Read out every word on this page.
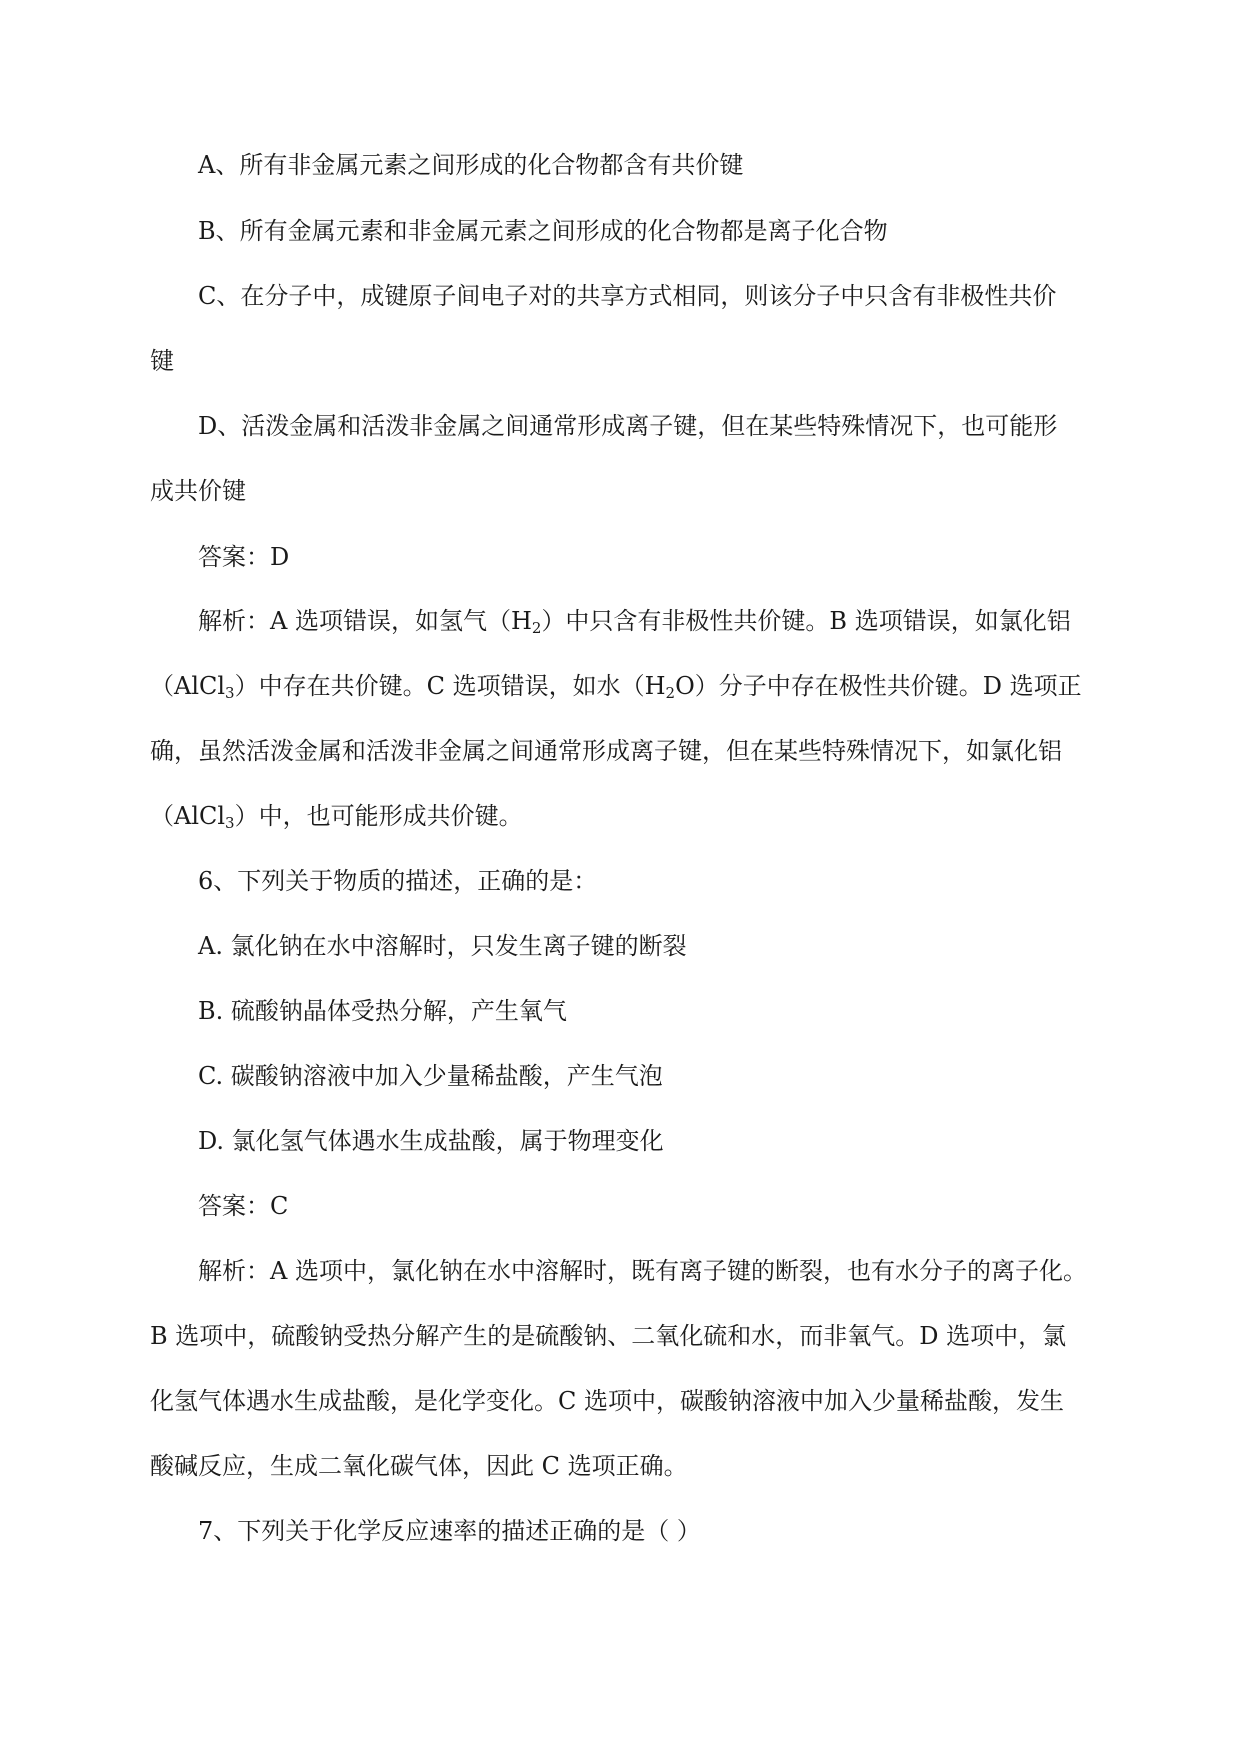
A、所有非金属元素之间形成的化合物都含有共价键
B、所有金属元素和非金属元素之间形成的化合物都是离子化合物
C、在分子中，成键原子间电子对的共享方式相同，则该分子中只含有非极性共价
键
D、活泼金属和活泼非金属之间通常形成离子键，但在某些特殊情况下，也可能形
成共价键
答案：D
解析：A 选项错误，如氢气$(H_2)$中只含有非极性共价键。B 选项错误，如氯化铝
（AlCl$_3$）中存在共价键。C 选项错误，如水$(H_2O)$分子中存在极性共价键。D 选项正
确，虽然活泼金属和活泼非金属之间通常形成离子键，但在某些特殊情况下，如氯化铝
（AlCl$_3$）中，也可能形成共价键。
6、下列关于物质的描述，正确的是：
A. 氯化钠在水中溶解时，只发生离子键的断裂
B. 硫酸钠晶体受热分解，产生氧气
C. 碳酸钠溶液中加入少量稀盐酸，产生气泡
D. 氯化氢气体遇水生成盐酸，属于物理变化
答案：C
解析：A 选项中，氯化钠在水中溶解时，既有离子键的断裂，也有水分子的离子化。
B 选项中，硫酸钠受热分解产生的是硫酸钠、二氧化硫和水，而非氧气。D 选项中，氯
化氢气体遇水生成盐酸，是化学变化。C 选项中，碳酸钠溶液中加入少量稀盐酸，发生
酸碱反应，生成二氧化碳气体，因此 C 选项正确。
7、下列关于化学反应速率的描述正确的是（ ）
